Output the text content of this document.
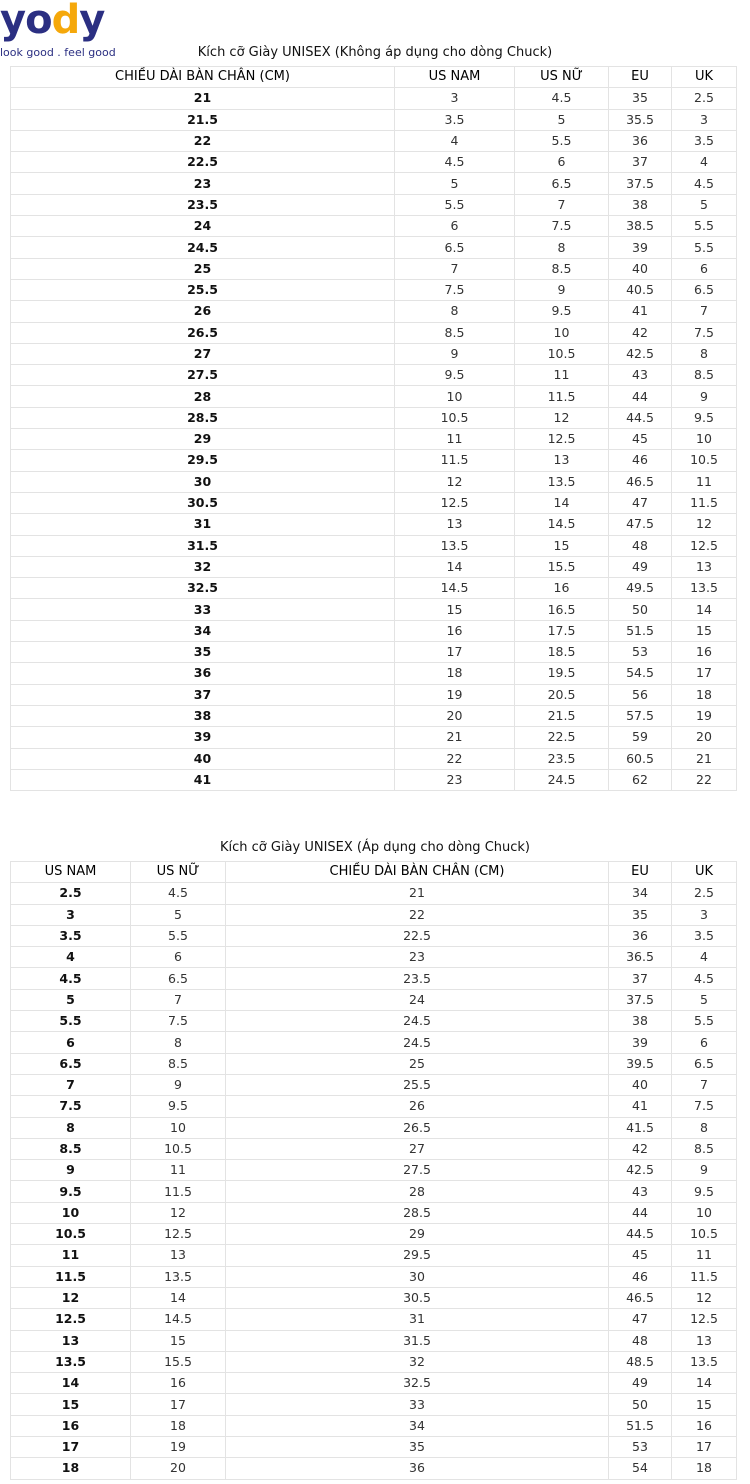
yody
look good . feel good	Kích cỡ Giày UNISEX (Không áp dụng cho dòng Chuck)
CHIỀU DÀI BÀN CHÂN (CM)	US NAM	US NỮ	EU	UK
21	3	4.5	35	2.5
21.5	3.5	5	35.5	3
22	4	5.5	36	3.5
22.5	4.5	6	37	4
23	5	6.5	37.5	4.5
23.5	5.5	7	38	5
24	6	7.5	38.5	5.5
24.5	6.5	8	39	5.5
25	7	8.5	40	6
25.5	7.5	9	40.5	6.5
26	8	9.5	41	7
26.5	8.5	10	42	7.5
27	9	10.5	42.5	8
27.5	9.5	11	43	8.5
28	10	11.5	44	9
28.5	10.5	12	44.5	9.5
29	11	12.5	45	10
29.5	11.5	13	46	10.5
30	12	13.5	46.5	11
30.5	12.5	14	47	11.5
31	13	14.5	47.5	12
31.5	13.5	15	48	12.5
32	14	15.5	49	13
32.5	14.5	16	49.5	13.5
33	15	16.5	50	14
34	16	17.5	51.5	15
35	17	18.5	53	16
36	18	19.5	54.5	17
37	19	20.5	56	18
38	20	21.5	57.5	19
39	21	22.5	59	20
40	22	23.5	60.5	21
41	23	24.5	62	22
Kích cỡ Giày UNISEX (Áp dụng cho dòng Chuck)
US NAM	US NỮ	CHIỀU DÀI BÀN CHÂN (CM)	EU	UK
2.5	4.5	21	34	2.5
3	5	22	35	3
3.5	5.5	22.5	36	3.5
4	6	23	36.5	4
4.5	6.5	23.5	37	4.5
5	7	24	37.5	5
5.5	7.5	24.5	38	5.5
6	8	24.5	39	6
6.5	8.5	25	39.5	6.5
7	9	25.5	40	7
7.5	9.5	26	41	7.5
8	10	26.5	41.5	8
8.5	10.5	27	42	8.5
9	11	27.5	42.5	9
9.5	11.5	28	43	9.5
10	12	28.5	44	10
10.5	12.5	29	44.5	10.5
11	13	29.5	45	11
11.5	13.5	30	46	11.5
12	14	30.5	46.5	12
12.5	14.5	31	47	12.5
13	15	31.5	48	13
13.5	15.5	32	48.5	13.5
14	16	32.5	49	14
15	17	33	50	15
16	18	34	51.5	16
17	19	35	53	17
18	20	36	54	18
